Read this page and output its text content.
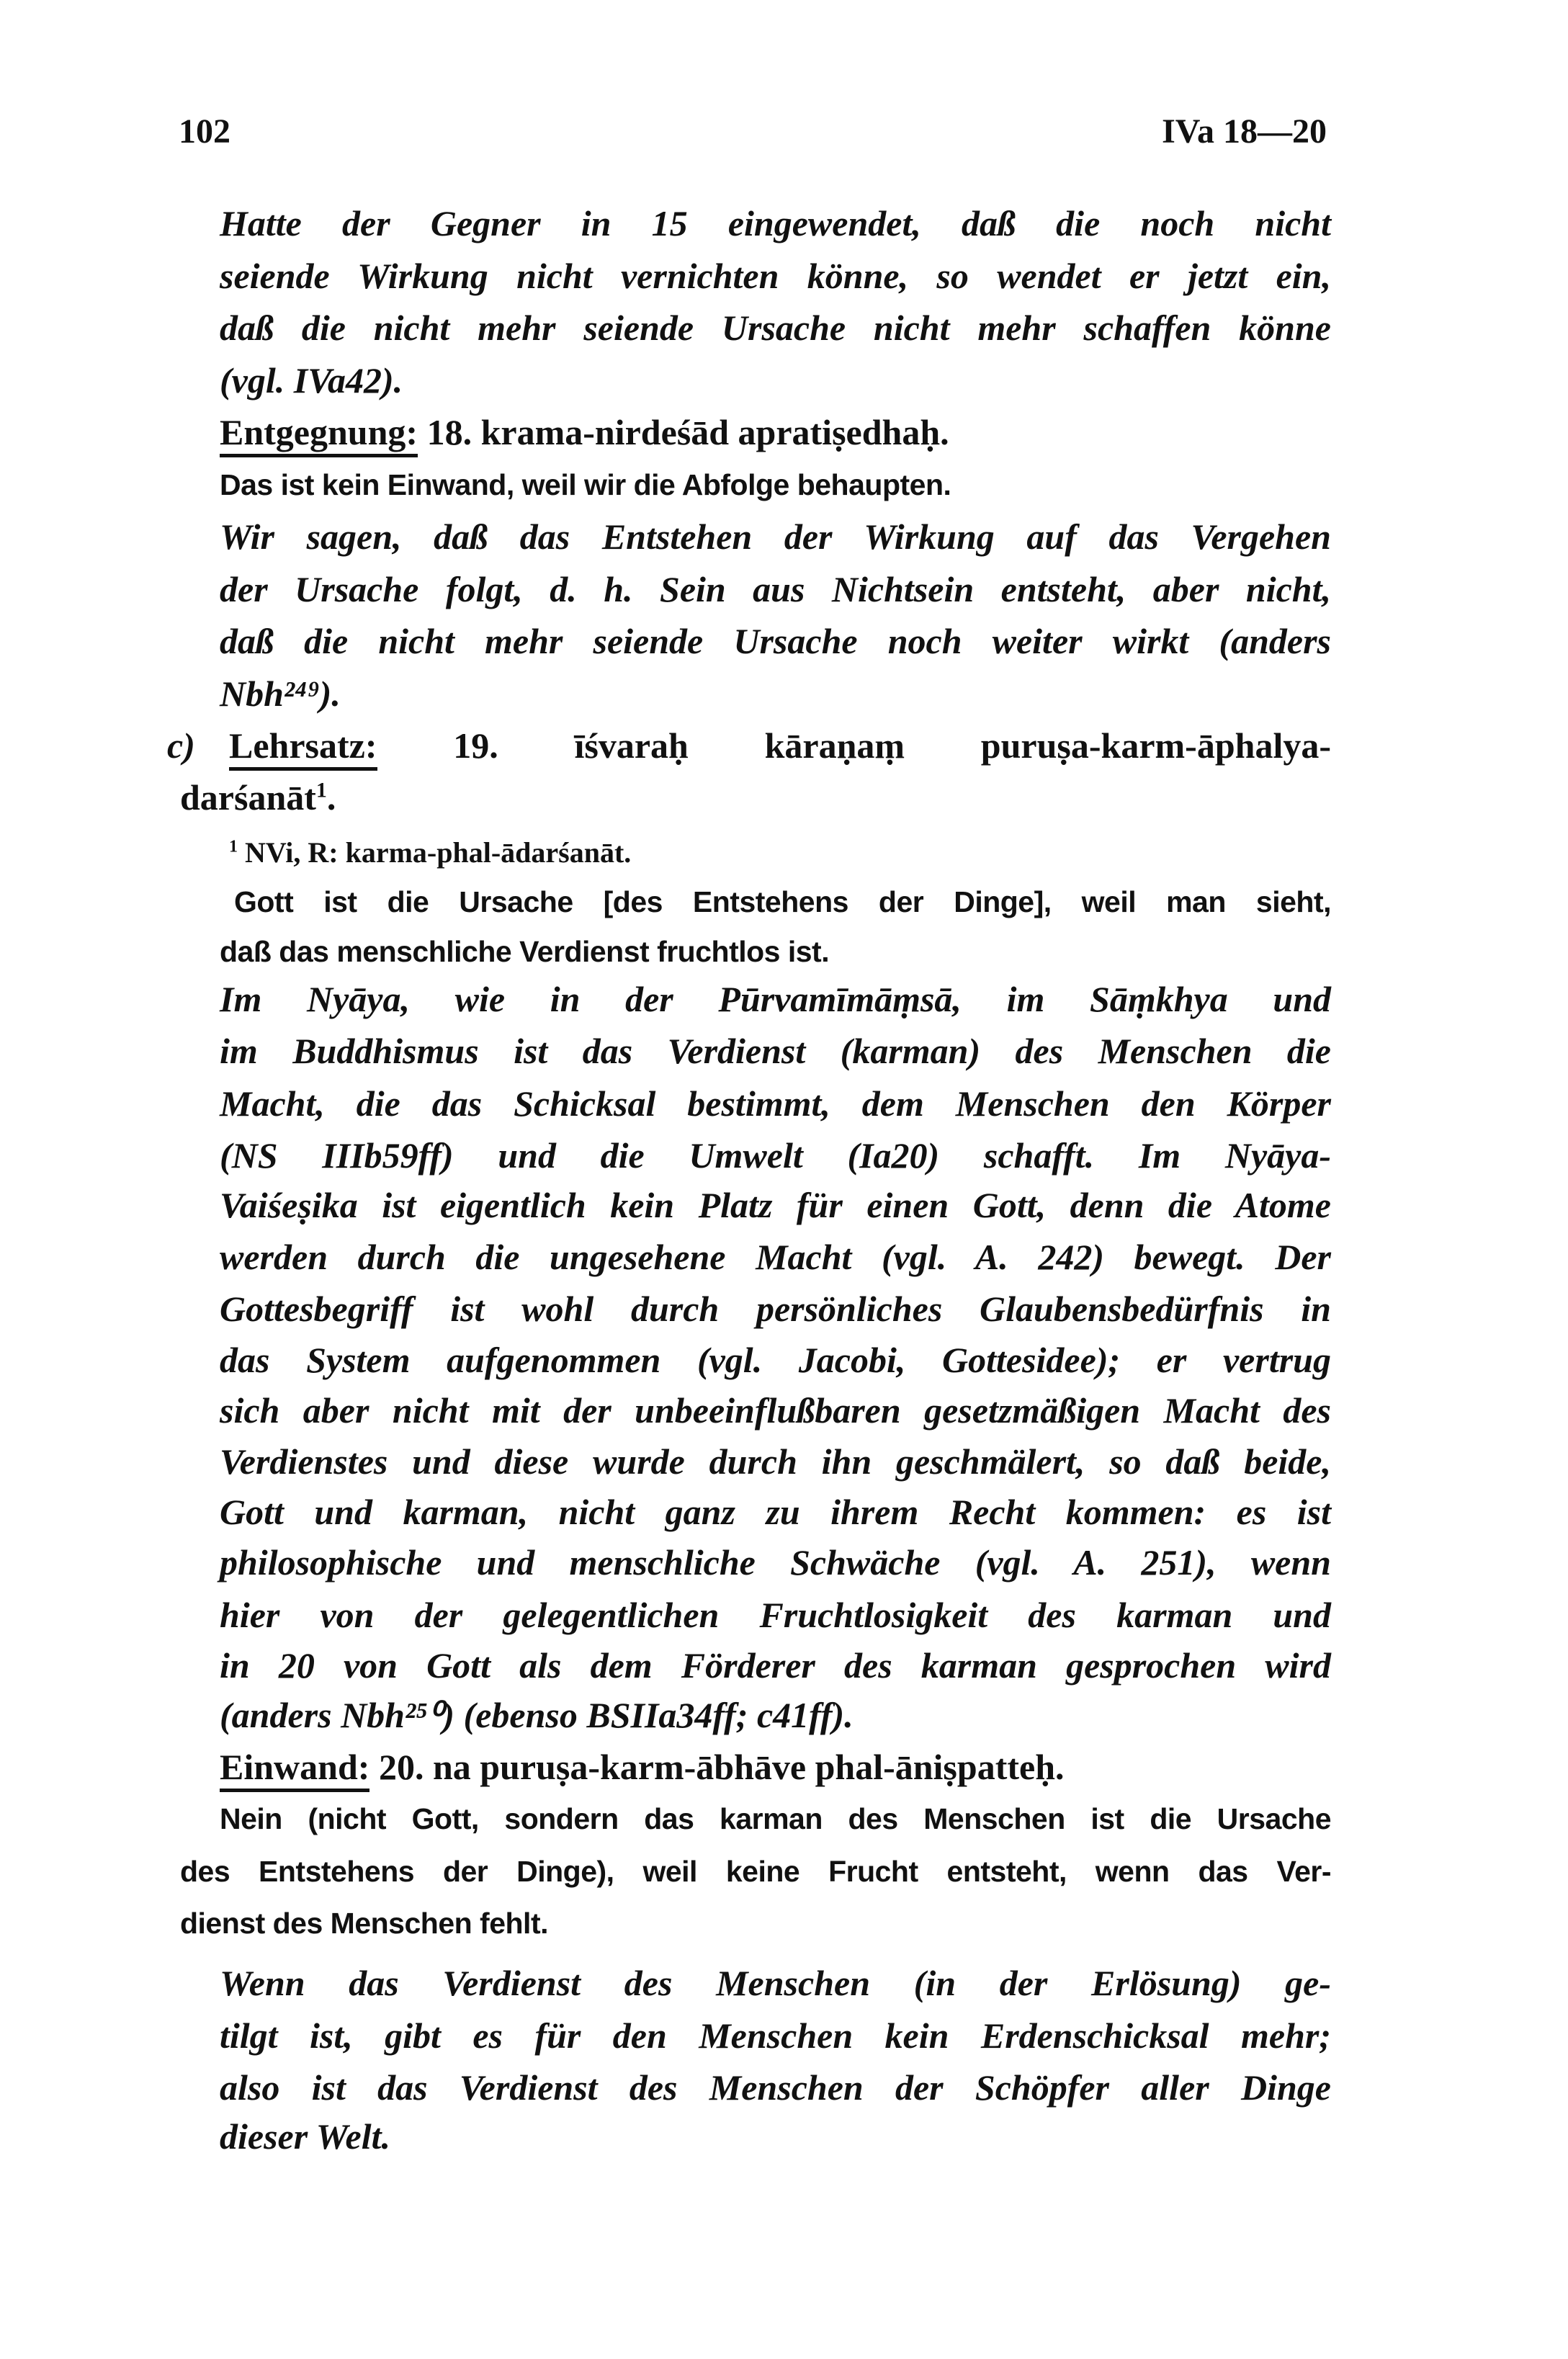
102	IVa 18—20
Hatte der Gegner in 15 eingewendet, daß die noch nicht
seiende Wirkung nicht vernichten könne, so wendet er jetzt ein,
daß die nicht mehr seiende Ursache nicht mehr schaffen könne
(vgl. IVa42).
Entgegnung: 18. krama-nirdeśād apratiṣedhaḥ.
Das ist kein Einwand, weil wir die Abfolge behaupten.
Wir sagen, daß das Entstehen der Wirkung auf das Vergehen
der Ursache folgt, d. h. Sein aus Nichtsein entsteht, aber nicht,
daß die nicht mehr seiende Ursache noch weiter wirkt (anders
Nbh²⁴⁹).
c) Lehrsatz: 19. īśvaraḥ kāraṇaṃ puruṣa-karm-āphalya-
darśanāt$^1$.
$^1$ NVi, R: karma-phal-ādarśanāt.
Gott ist die Ursache [des Entstehens der Dinge], weil man sieht,
daß das menschliche Verdienst fruchtlos ist.
Im Nyāya, wie in der Pūrvamīmāṃsā, im Sāṃkhya und
im Buddhismus ist das Verdienst (karman) des Menschen die
Macht, die das Schicksal bestimmt, dem Menschen den Körper
(NS IIIb59ff) und die Umwelt (Ia20) schafft. Im Nyāya-
Vaiśeṣika ist eigentlich kein Platz für einen Gott, denn die Atome
werden durch die ungesehene Macht (vgl. A. 242) bewegt. Der
Gottesbegriff ist wohl durch persönliches Glaubensbedürfnis in
das System aufgenommen (vgl. Jacobi, Gottesidee); er vertrug
sich aber nicht mit der unbeeinflußbaren gesetzmäßigen Macht des
Verdienstes und diese wurde durch ihn geschmälert, so daß beide,
Gott und karman, nicht ganz zu ihrem Recht kommen: es ist
philosophische und menschliche Schwäche (vgl. A. 251), wenn
hier von der gelegentlichen Fruchtlosigkeit des karman und
in 20 von Gott als dem Förderer des karman gesprochen wird
(anders Nbh²⁵⁰) (ebenso BSIIa34ff; c41ff).
Einwand: 20. na puruṣa-karm-ābhāve phal-āniṣpatteḥ.
Nein (nicht Gott, sondern das karman des Menschen ist die Ursache
des Entstehens der Dinge), weil keine Frucht entsteht, wenn das Ver-
dienst des Menschen fehlt.
Wenn das Verdienst des Menschen (in der Erlösung) ge-
tilgt ist, gibt es für den Menschen kein Erdenschicksal mehr;
also ist das Verdienst des Menschen der Schöpfer aller Dinge
dieser Welt.
